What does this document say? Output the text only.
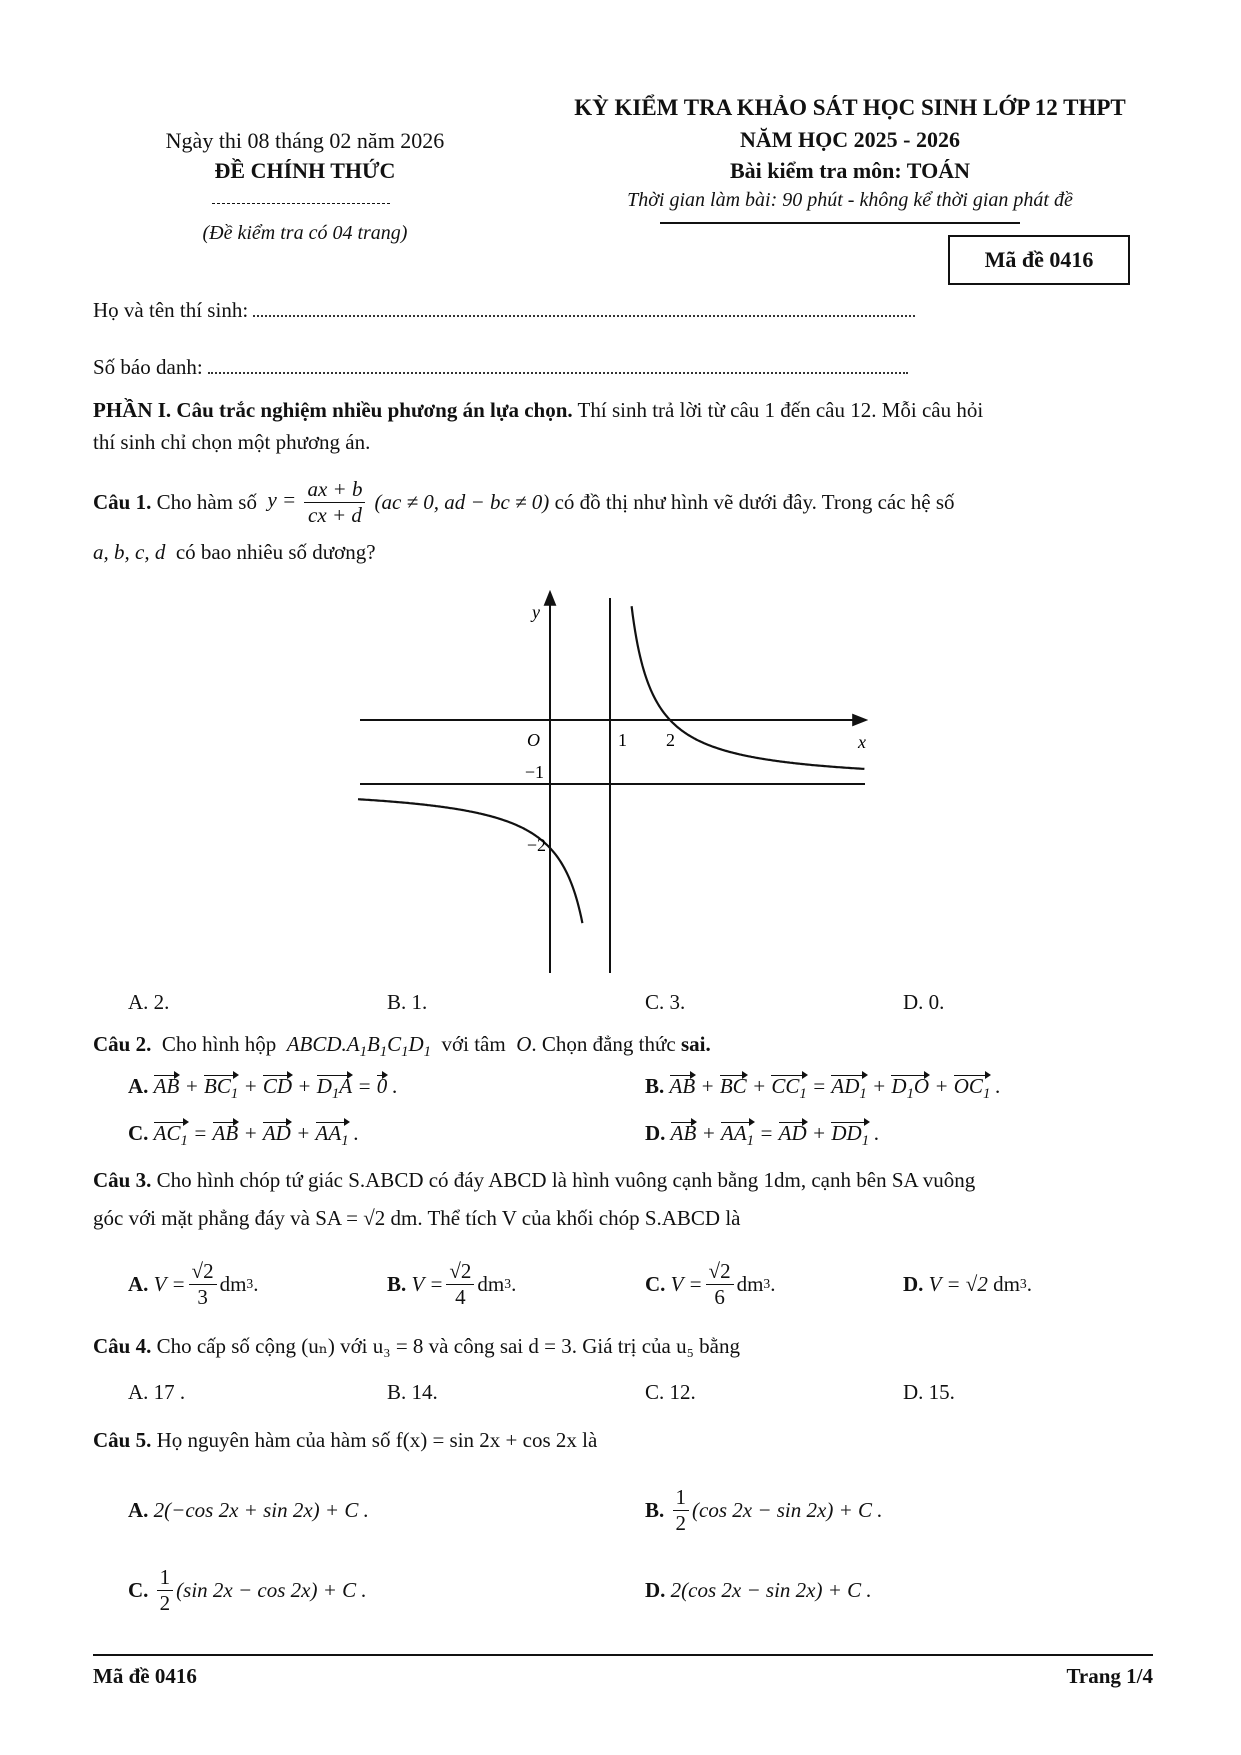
Ngày thi 08 tháng 02 năm 2026
ĐỀ CHÍNH THỨC
(Đề kiểm tra có 04 trang)
KỲ KIỂM TRA KHẢO SÁT HỌC SINH LỚP 12 THPT
NĂM HỌC 2025 - 2026
Bài kiểm tra môn: TOÁN
Thời gian làm bài: 90 phút - không kể thời gian phát đề
Mã đề 0416
Họ và tên thí sinh:
Số báo danh:
PHẦN I. Câu trắc nghiệm nhiều phương án lựa chọn. Thí sinh trả lời từ câu 1 đến câu 12. Mỗi câu hỏi
thí sinh chỉ chọn một phương án.
Câu 1.
Cho hàm số
$y = \frac{ax + b}{cx + d} (ac \ne 0$, ad − bc ≠ 0)
có đồ thị như hình vẽ dưới đây. Trong các hệ số
a, b, c, d có bao nhiêu số dương?
y
x
O	1 2
−1
−2
A. 2.	B. 1.	C. 3.	D. 0.
Câu 2. Cho hình hộp $ABCD.A_1B_1C_1D_1$ với tâm O. Chọn đẳng thức sai.
A. AB + $BC_1$ + CD + $D_1A = 0$ .	B. AB + BC + $CC_1 = AD_1 + D_1O + OC_1$ .
C. $AC_1$ = AB + AD + $AA_1$ .	D. AB + $AA_1$ = AD + $DD_1$ .
Câu 3. Cho hình chóp tứ giác S.ABCD có đáy ABCD là hình vuông cạnh bằng 1dm, cạnh bên SA vuông
góc với mặt phẳng đáy và SA = √2 dm. Thể tích V của khối chóp S.ABCD là
A.
$V = \frac{√2}{3}$ dm 3 .	B.
$V = \frac{√2}{4}$ dm 3 .	C.
$V = \frac{√2}{6}$ dm 3 .	D.
V = √2 dm 3 .
Câu 4. Cho cấp số cộng (uₙ) với u₃ = 8 và công sai d = 3. Giá trị của u₅ bằng
A. 17 .	B. 14.	C. 12.	D. 15.
Câu 5. Họ nguyên hàm của hàm số f(x) = sin 2x + cos 2x là
A.
2(−cos 2x + sin 2x) + C .	B.
$\frac{1}{2} (\cos$ 2x − sin 2x) + C .
C.
$\frac{1}{2} (\sin$ 2x − cos 2x) + C .	D.
2(cos 2x − sin 2x) + C .
Mã đề 0416	Trang 1/4
